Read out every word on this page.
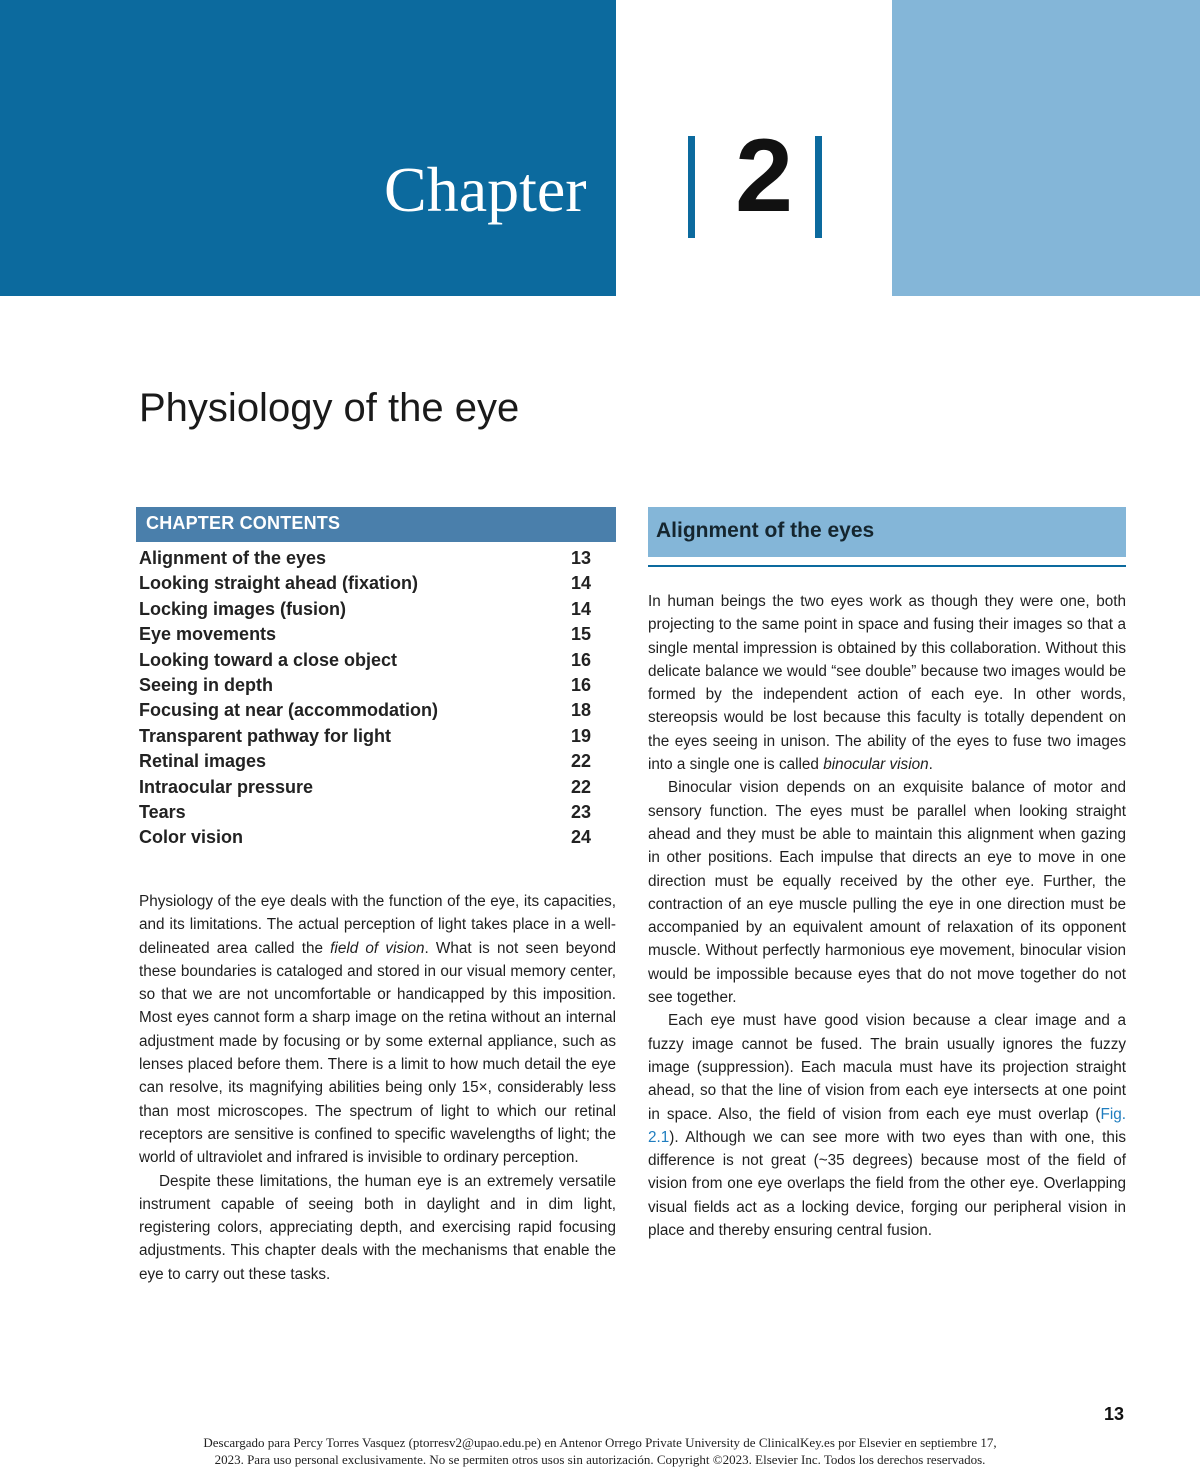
Chapter 2
Physiology of the eye
CHAPTER CONTENTS
Alignment of the eyes	13
Looking straight ahead (fixation)	14
Locking images (fusion)	14
Eye movements	15
Looking toward a close object	16
Seeing in depth	16
Focusing at near (accommodation)	18
Transparent pathway for light	19
Retinal images	22
Intraocular pressure	22
Tears	23
Color vision	24

Physiology of the eye deals with the function of the eye, its capacities, and its limitations. The actual perception of light takes place in a well-delineated area called the field of vision. What is not seen beyond these boundaries is cataloged and stored in our visual memory center, so that we are not uncomfortable or handicapped by this imposition. Most eyes cannot form a sharp image on the retina without an internal adjustment made by focusing or by some external appliance, such as lenses placed before them. There is a limit to how much detail the eye can resolve, its magnifying abilities being only 15×, considerably less than most microscopes. The spectrum of light to which our retinal receptors are sensitive is confined to specific wavelengths of light; the world of ultraviolet and infrared is invisible to ordinary perception.

Despite these limitations, the human eye is an extremely versatile instrument capable of seeing both in daylight and in dim light, registering colors, appreciating depth, and exercising rapid focusing adjustments. This chapter deals with the mechanisms that enable the eye to carry out these tasks.

Alignment of the eyes

In human beings the two eyes work as though they were one, both projecting to the same point in space and fusing their images so that a single mental impression is obtained by this collaboration. Without this delicate balance we would “see double” because two images would be formed by the independent action of each eye. In other words, stereopsis would be lost because this faculty is totally dependent on the eyes seeing in unison. The ability of the eyes to fuse two images into a single one is called binocular vision.

Binocular vision depends on an exquisite balance of motor and sensory function. The eyes must be parallel when looking straight ahead and they must be able to maintain this alignment when gazing in other positions. Each impulse that directs an eye to move in one direction must be equally received by the other eye. Further, the contraction of an eye muscle pulling the eye in one direction must be accompanied by an equivalent amount of relaxation of its opponent muscle. Without perfectly harmonious eye movement, binocular vision would be impossible because eyes that do not move together do not see together.

Each eye must have good vision because a clear image and a fuzzy image cannot be fused. The brain usually ignores the fuzzy image (suppression). Each macula must have its projection straight ahead, so that the line of vision from each eye intersects at one point in space. Also, the field of vision from each eye must overlap (Fig. 2.1). Although we can see more with two eyes than with one, this difference is not great (~35 degrees) because most of the field of vision from one eye overlaps the field from the other eye. Overlapping visual fields act as a locking device, forging our peripheral vision in place and thereby ensuring central fusion.

13
Descargado para Percy Torres Vasquez (ptorresv2@upao.edu.pe) en Antenor Orrego Private University de ClinicalKey.es por Elsevier en septiembre 17,
2023. Para uso personal exclusivamente. No se permiten otros usos sin autorización. Copyright ©2023. Elsevier Inc. Todos los derechos reservados.
